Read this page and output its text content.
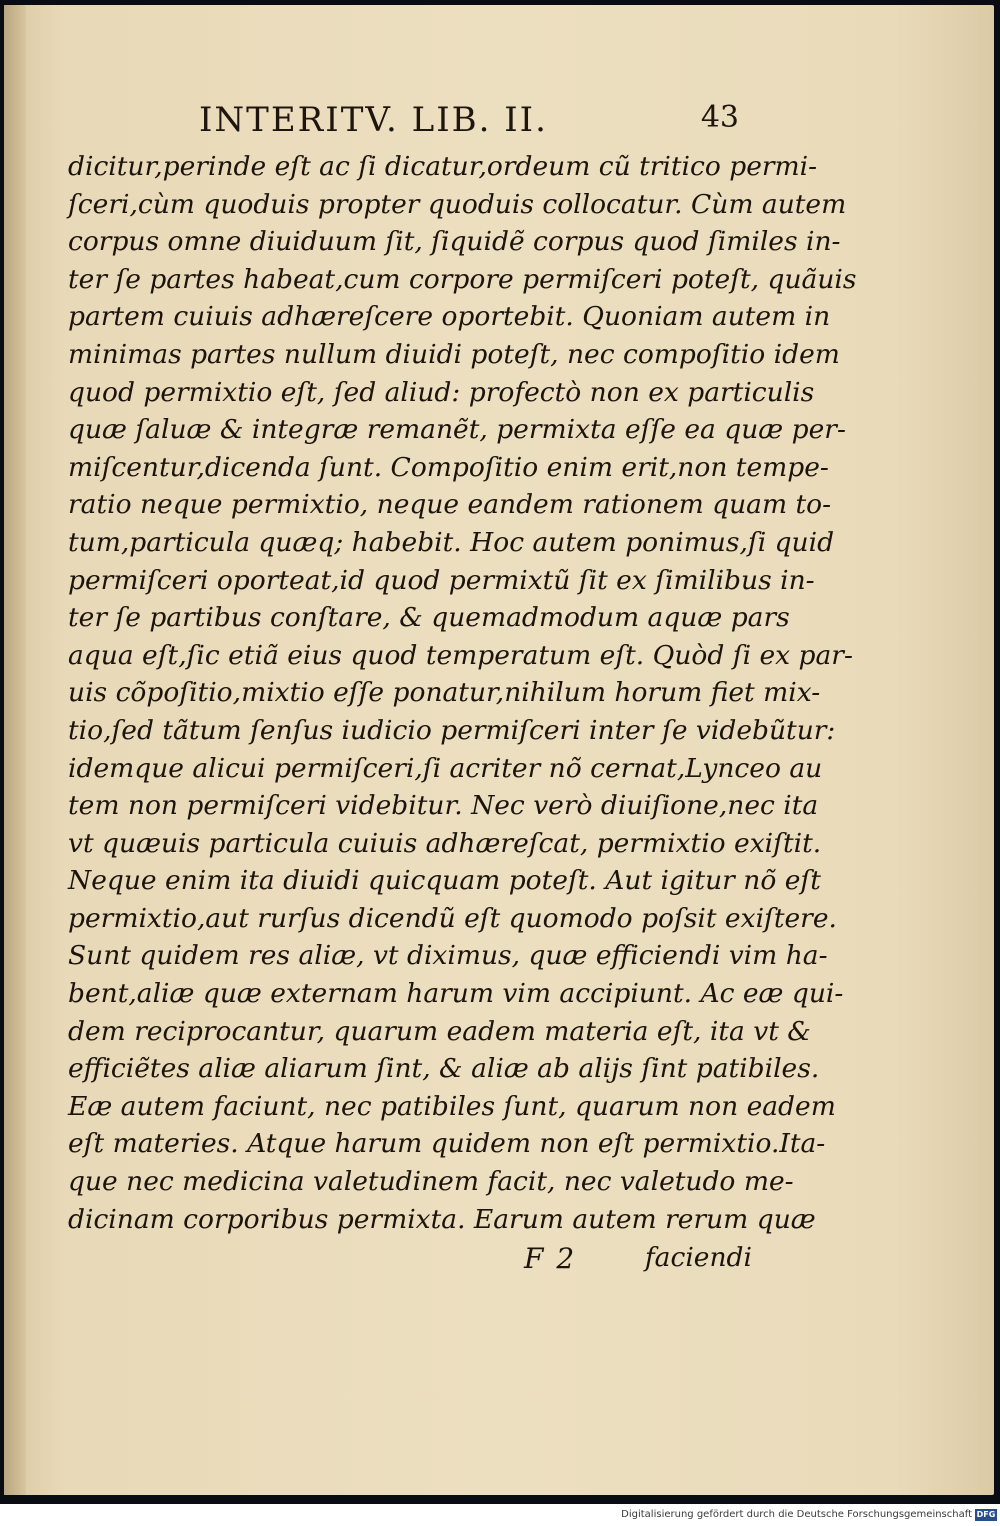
INTERITV. LIB. II.	43
dicitur,perinde eſt ac ſi dicatur,ordeum cũ tritico permi-
ſceri,cùm quoduis propter quoduis collocatur. Cùm autem
corpus omne diuiduum ſit, ſiquidẽ corpus quod ſimiles in-
ter ſe partes habeat,cum corpore permiſceri poteſt, quãuis
partem cuiuis adhæreſcere oportebit. Quoniam autem in
minimas partes nullum diuidi poteſt, nec compoſitio idem
quod permixtio eſt, ſed aliud: profectò non ex particulis
quæ ſaluæ & integræ remanẽt, permixta eſſe ea quæ per-
miſcentur,dicenda ſunt. Compoſitio enim erit,non tempe-
ratio neque permixtio, neque eandem rationem quam to-
tum,particula quæq; habebit. Hoc autem ponimus,ſi quid
permiſceri oporteat,id quod permixtũ ſit ex ſimilibus in-
ter ſe partibus conſtare, & quemadmodum aquæ pars
aqua eſt,ſic etiã eius quod temperatum eſt. Quòd ſi ex par-
uis cõpoſitio,mixtio eſſe ponatur,nihilum horum fiet mix-
tio,ſed tãtum ſenſus iudicio permiſceri inter ſe videbũtur:
idemque alicui permiſceri,ſi acriter nõ cernat,Lynceo au
tem non permiſceri videbitur. Nec verò diuiſione,nec ita
vt quæuis particula cuiuis adhæreſcat, permixtio exiſtit.
Neque enim ita diuidi quicquam poteſt. Aut igitur nõ eſt
permixtio,aut rurſus dicendũ eſt quomodo poſsit exiſtere.
Sunt quidem res aliæ, vt diximus, quæ efficiendi vim ha-
bent,aliæ quæ externam harum vim accipiunt. Ac eæ qui-
dem reciprocantur, quarum eadem materia eſt, ita vt &
efficiẽtes aliæ aliarum ſint, & aliæ ab alijs ſint patibiles.
Eæ autem faciunt, nec patibiles ſunt, quarum non eadem
eſt materies. Atque harum quidem non eſt permixtio.Ita-
que nec medicina valetudinem facit, nec valetudo me-
dicinam corporibus permixta. Earum autem rerum quæ
F 2	faciendi
Digitalisierung gefördert durch die Deutsche Forschungsgemeinschaft DFG
